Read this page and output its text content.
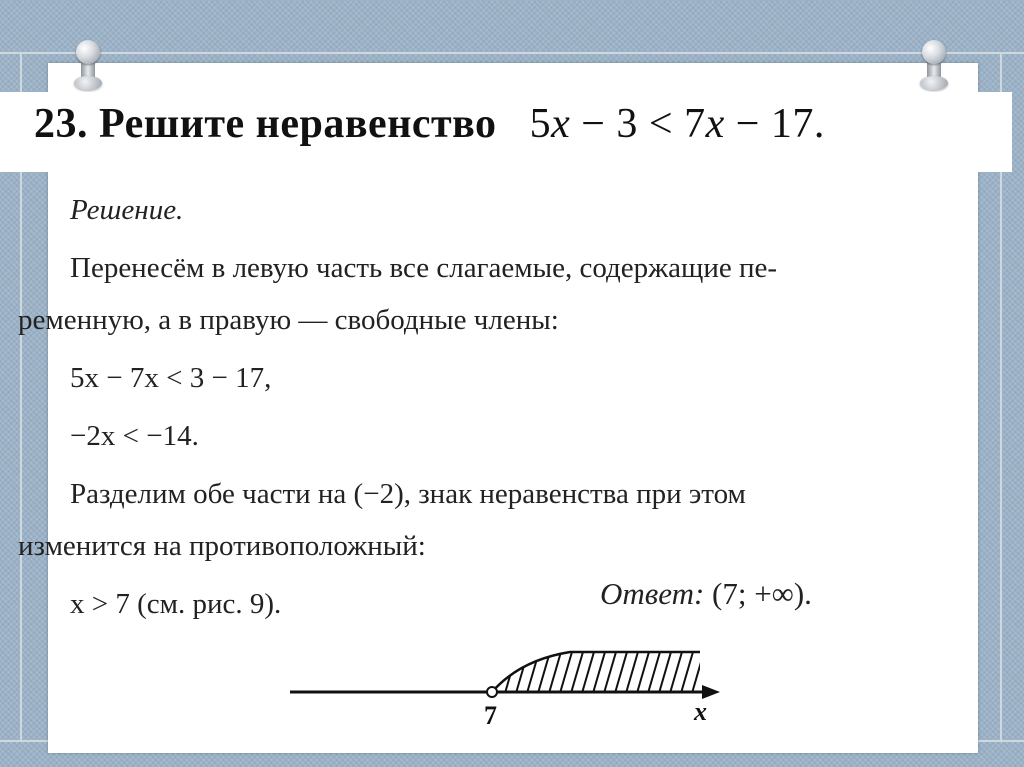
23. Решите неравенство 5x − 3 < 7x − 17.
Решение.
Перенесём в левую часть все слагаемые, содержащие пе-
ременную, а в правую — свободные члены:
5x − 7x < 3 − 17,
−2x < −14.
Разделим обе части на (−2), знак неравенства при этом
изменится на противоположный:
x > 7 (см. рис. 9).	Ответ: (7; +∞).
7	x
